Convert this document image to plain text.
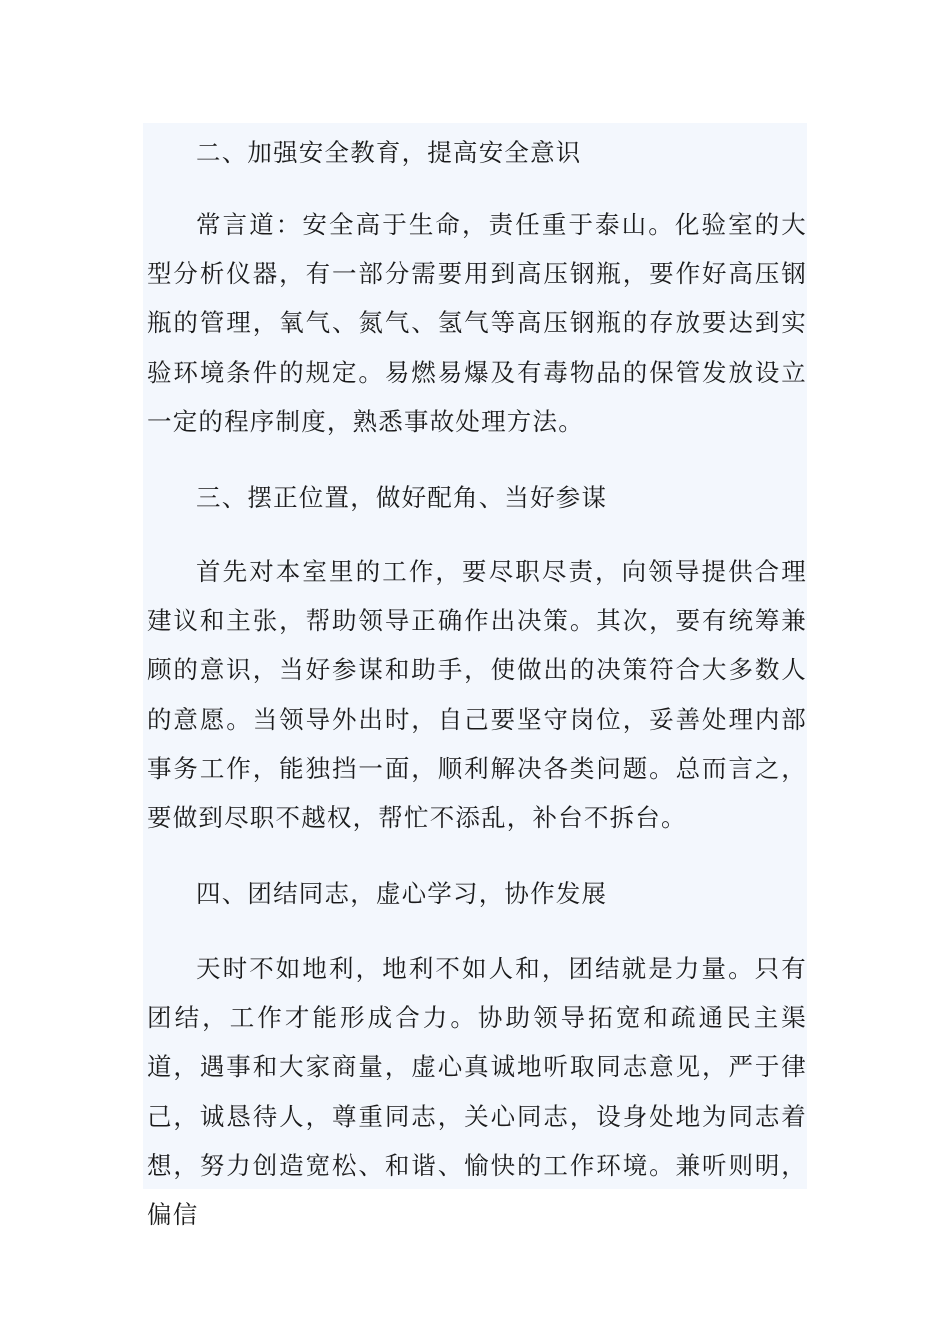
二、加强安全教育，提高安全意识

常言道：安全高于生命，责任重于泰山。化验室的大型分析仪器，有一部分需要用到高压钢瓶，要作好高压钢瓶的管理，氧气、氮气、氢气等高压钢瓶的存放要达到实验环境条件的规定。易燃易爆及有毒物品的保管发放设立一定的程序制度，熟悉事故处理方法。

三、摆正位置，做好配角、当好参谋

首先对本室里的工作，要尽职尽责，向领导提供合理建议和主张，帮助领导正确作出决策。其次，要有统筹兼顾的意识，当好参谋和助手，使做出的决策符合大多数人的意愿。当领导外出时，自己要坚守岗位，妥善处理内部事务工作，能独挡一面，顺利解决各类问题。总而言之，要做到尽职不越权，帮忙不添乱，补台不拆台。

四、团结同志，虚心学习，协作发展

天时不如地利，地利不如人和，团结就是力量。只有团结，工作才能形成合力。协助领导拓宽和疏通民主渠道，遇事和大家商量，虚心真诚地听取同志意见，严于律己，诚恳待人，尊重同志，关心同志，设身处地为同志着想，努力创造宽松、和谐、愉快的工作环境。兼听则明，偏信
